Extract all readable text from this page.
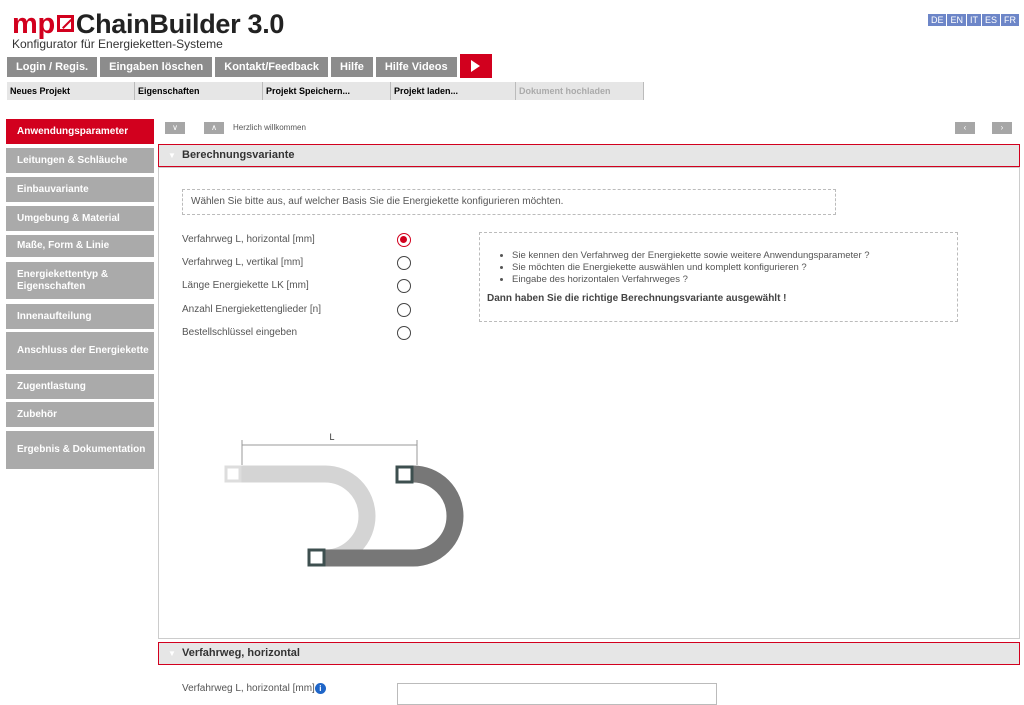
mp ChainBuilder 3.0
Konfigurator für Energieketten-Systeme
DE EN IT ES FR
Login / Regis.	Eingaben löschen	Kontakt/Feedback	Hilfe	Hilfe Videos
Neues Projekt	Eigenschaften	Projekt Speichern...	Projekt laden...	Dokument hochladen
Anwendungsparameter
Leitungen & Schläuche
Einbauvariante
Umgebung & Material
Maße, Form & Linie
Energiekettentyp & Eigenschaften
Innenaufteilung
Anschluss der Energiekette
Zugentlastung
Zubehör
Ergebnis & Dokumentation
∨	∧	Herzlich willkommen	‹	›
▼ Berechnungsvariante
Wählen Sie bitte aus, auf welcher Basis Sie die Energiekette konfigurieren möchten.
Verfahrweg L, horizontal [mm]
Verfahrweg L, vertikal [mm]
Länge Energiekette LK [mm]
Anzahl Energiekettenglieder [n]
Bestellschlüssel eingeben
• Sie kennen den Verfahrweg der Energiekette sowie weitere Anwendungsparameter ?
• Sie möchten die Energiekette auswählen und komplett konfigurieren ?
• Eingabe des horizontalen Verfahrweges ?
Dann haben Sie die richtige Berechnungsvariante ausgewählt !
L
▼ Verfahrweg, horizontal
Verfahrweg L, horizontal [mm] i
